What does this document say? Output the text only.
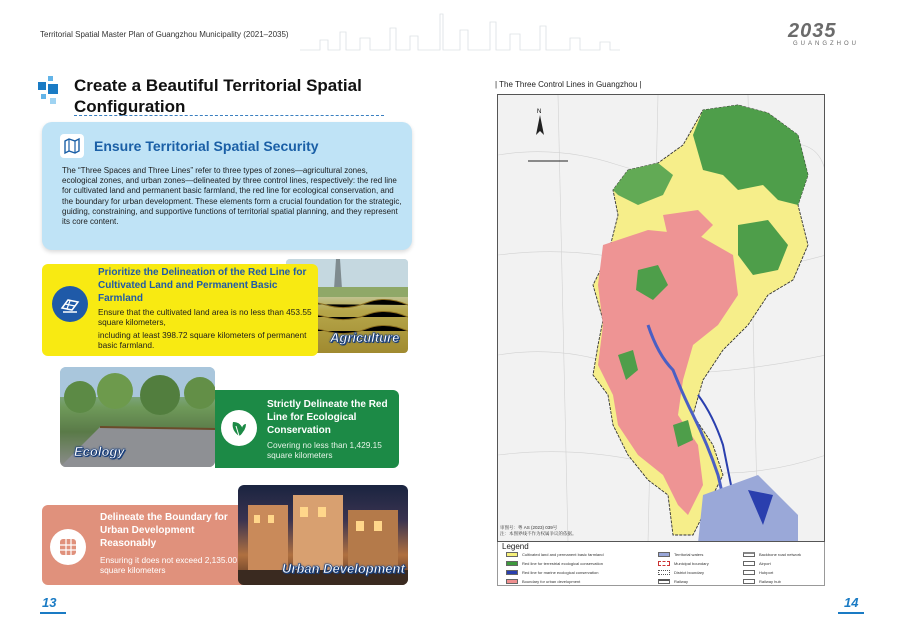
Territorial Spatial Master Plan of Guangzhou Municipality (2021–2035)	2035
GUANGZHOU
Create a Beautiful Territorial Spatial
Configuration
Ensure Territorial Spatial Security
The “Three Spaces and Three Lines” refer to three types of zones—agricultural zones, ecological zones, and urban zones—delineated by three control lines, respectively: the red line for cultivated land and permanent basic farmland, the red line for ecological conservation, and the boundary for urban development. These elements form a crucial foundation for the strategic, guiding, constraining, and supportive functions of territorial spatial planning, and they represent its core content.
Agriculture
Prioritize the Delineation of the Red Line for Cultivated Land and Permanent Basic Farmland
Ensure that the cultivated land area is no less than 453.55 square kilometers,
including at least 398.72 square kilometers of permanent basic farmland.
Ecology
Strictly Delineate the Red Line for Ecological Conservation
Covering no less than 1,429.15 square kilometers
Delineate the Boundary for Urban Development Reasonably
Ensuring it does not exceed 2,135.00 square kilometers	Urban Development
13
| The Three Control Lines in Guangzhou |
N
审图号：粤 AS (2023) 039号
注：本图界线不作为权属争议的依据。
Legend
Cultivated land and permanent basic farmland
Red line for terrestrial ecological conservation
Red line for marine ecological conservation
Boundary for urban development
Territorial waters
Municipal boundary
District boundary
Railway
Backbone road network
Airport
Hubport
Railway hub
14
